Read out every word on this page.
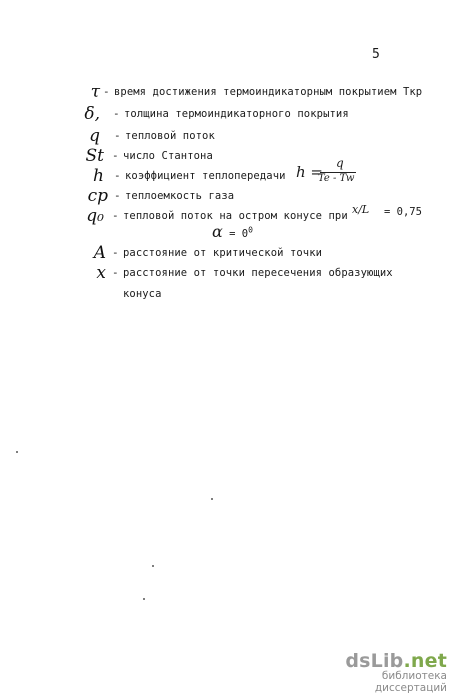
5
τ - время достижения термоиндикаторным покрытием Ткр
δ, - толщина термоиндикаторного покрытия
q - тепловой поток
St - число Стантона
h - коэффициент теплопередачи h = q
Te - Tw
cp - теплоемкость газа
q₀ - тепловой поток на остром конусе при x/L = 0,75
$\alpha = 0^0$
A - расстояние от критической точки
x - расстояние от точки пересечения образующих
конуса
dsLib.net
библиотека диссертаций
